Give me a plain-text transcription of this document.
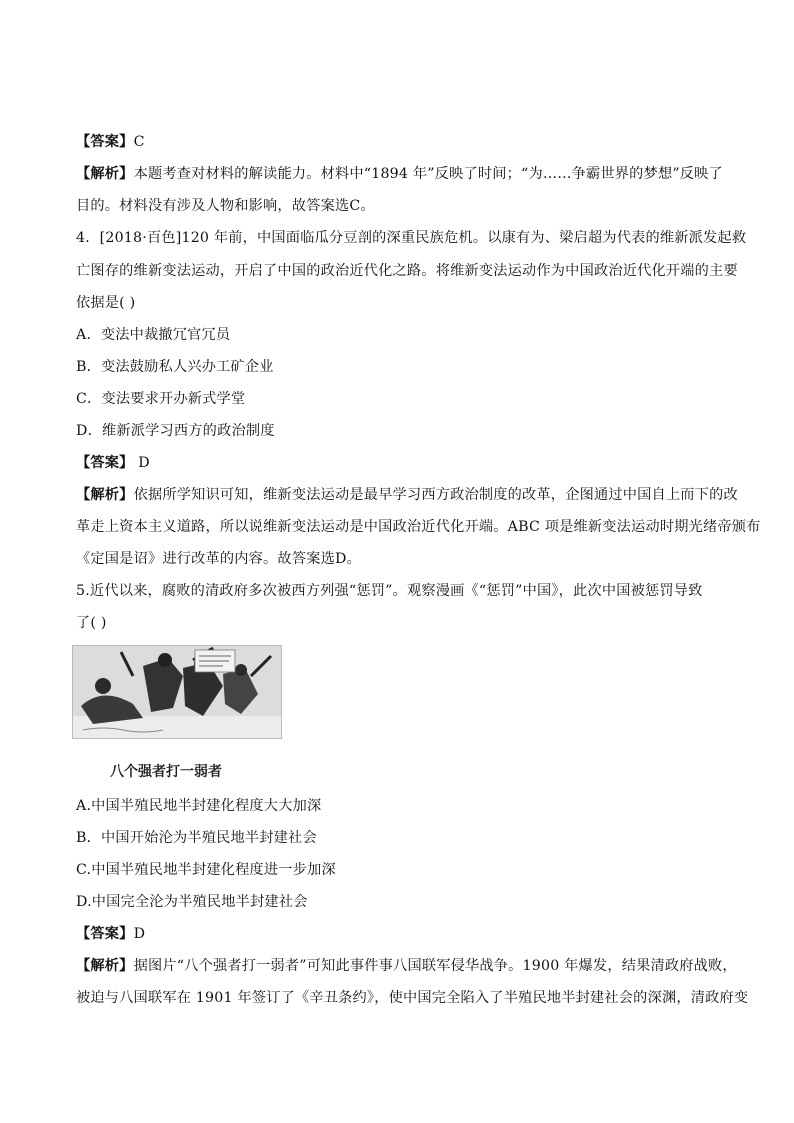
【答案】C
【解析】本题考查对材料的解读能力。材料中“1894 年”反映了时间；“为……争霸世界的梦想”反映了
目的。材料没有涉及人物和影响，故答案选C。
4．[2018·百色]120 年前，中国面临瓜分豆剖的深重民族危机。以康有为、梁启超为代表的维新派发起救
亡图存的维新变法运动，开启了中国的政治近代化之路。将维新变法运动作为中国政治近代化开端的主要
依据是( )
A．变法中裁撤冗官冗员
B．变法鼓励私人兴办工矿企业
C．变法要求开办新式学堂
D．维新派学习西方的政治制度
【答案】 D
【解析】依据所学知识可知，维新变法运动是最早学习西方政治制度的改革，企图通过中国自上而下的改
革走上资本主义道路，所以说维新变法运动是中国政治近代化开端。ABC 项是维新变法运动时期光绪帝颁布
《定国是诏》进行改革的内容。故答案选D。
5.近代以来，腐败的清政府多次被西方列强“惩罚”。观察漫画《“惩罚”中国》，此次中国被惩罚导致
了( )
八个强者打一弱者
A.中国半殖民地半封建化程度大大加深
B．中国开始沦为半殖民地半封建社会
C.中国半殖民地半封建化程度进一步加深
D.中国完全沦为半殖民地半封建社会
【答案】D
【解析】据图片“八个强者打一弱者”可知此事件事八国联军侵华战争。1900 年爆发，结果清政府战败，
被迫与八国联军在 1901 年签订了《辛丑条约》，使中国完全陷入了半殖民地半封建社会的深渊，清政府变
